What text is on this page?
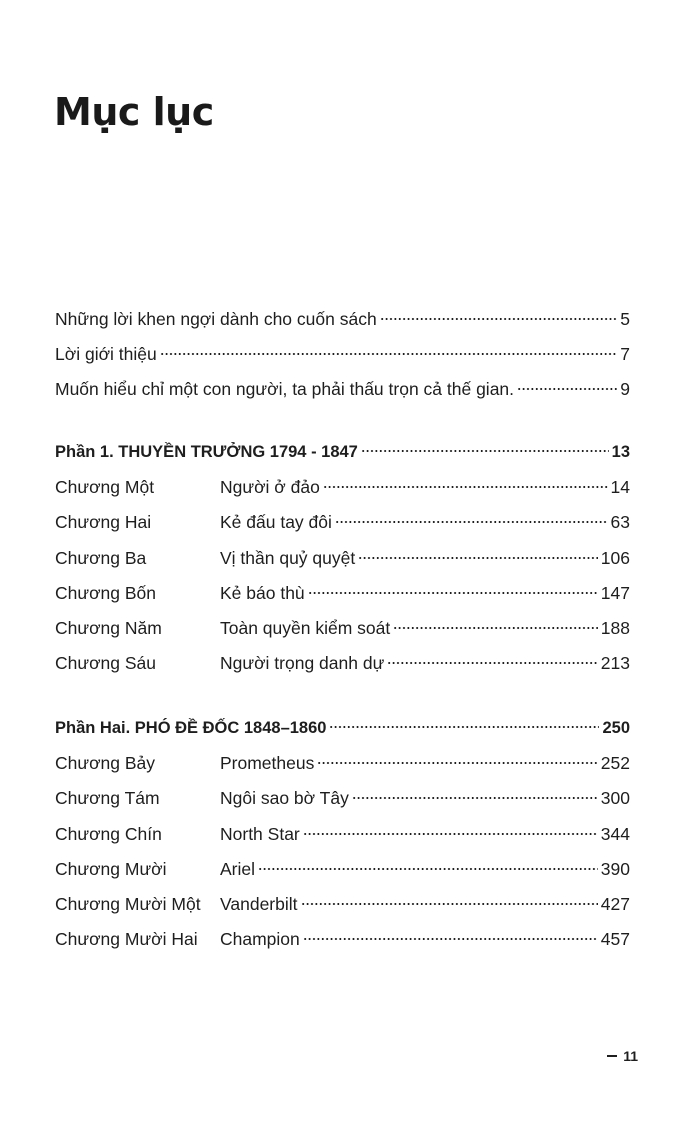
Mục lục
Những lời khen ngợi dành cho cuốn sách	5
Lời giới thiệu	7
Muốn hiểu chỉ một con người, ta phải thấu trọn cả thế gian.	9
Phần 1. THUYỀN TRƯỞNG 1794 - 1847	13
Chương Một	Người ở đảo	14
Chương Hai	Kẻ đấu tay đôi	63
Chương Ba	Vị thần quỷ quyệt	106
Chương Bốn	Kẻ báo thù	147
Chương Năm	Toàn quyền kiểm soát	188
Chương Sáu	Người trọng danh dự	213
Phần Hai. PHÓ ĐỀ ĐỐC 1848–1860	250
Chương Bảy	Prometheus	252
Chương Tám	Ngôi sao bờ Tây	300
Chương Chín	North Star	344
Chương Mười	Ariel	390
Chương Mười Một	Vanderbilt	427
Chương Mười Hai	Champion	457
11
